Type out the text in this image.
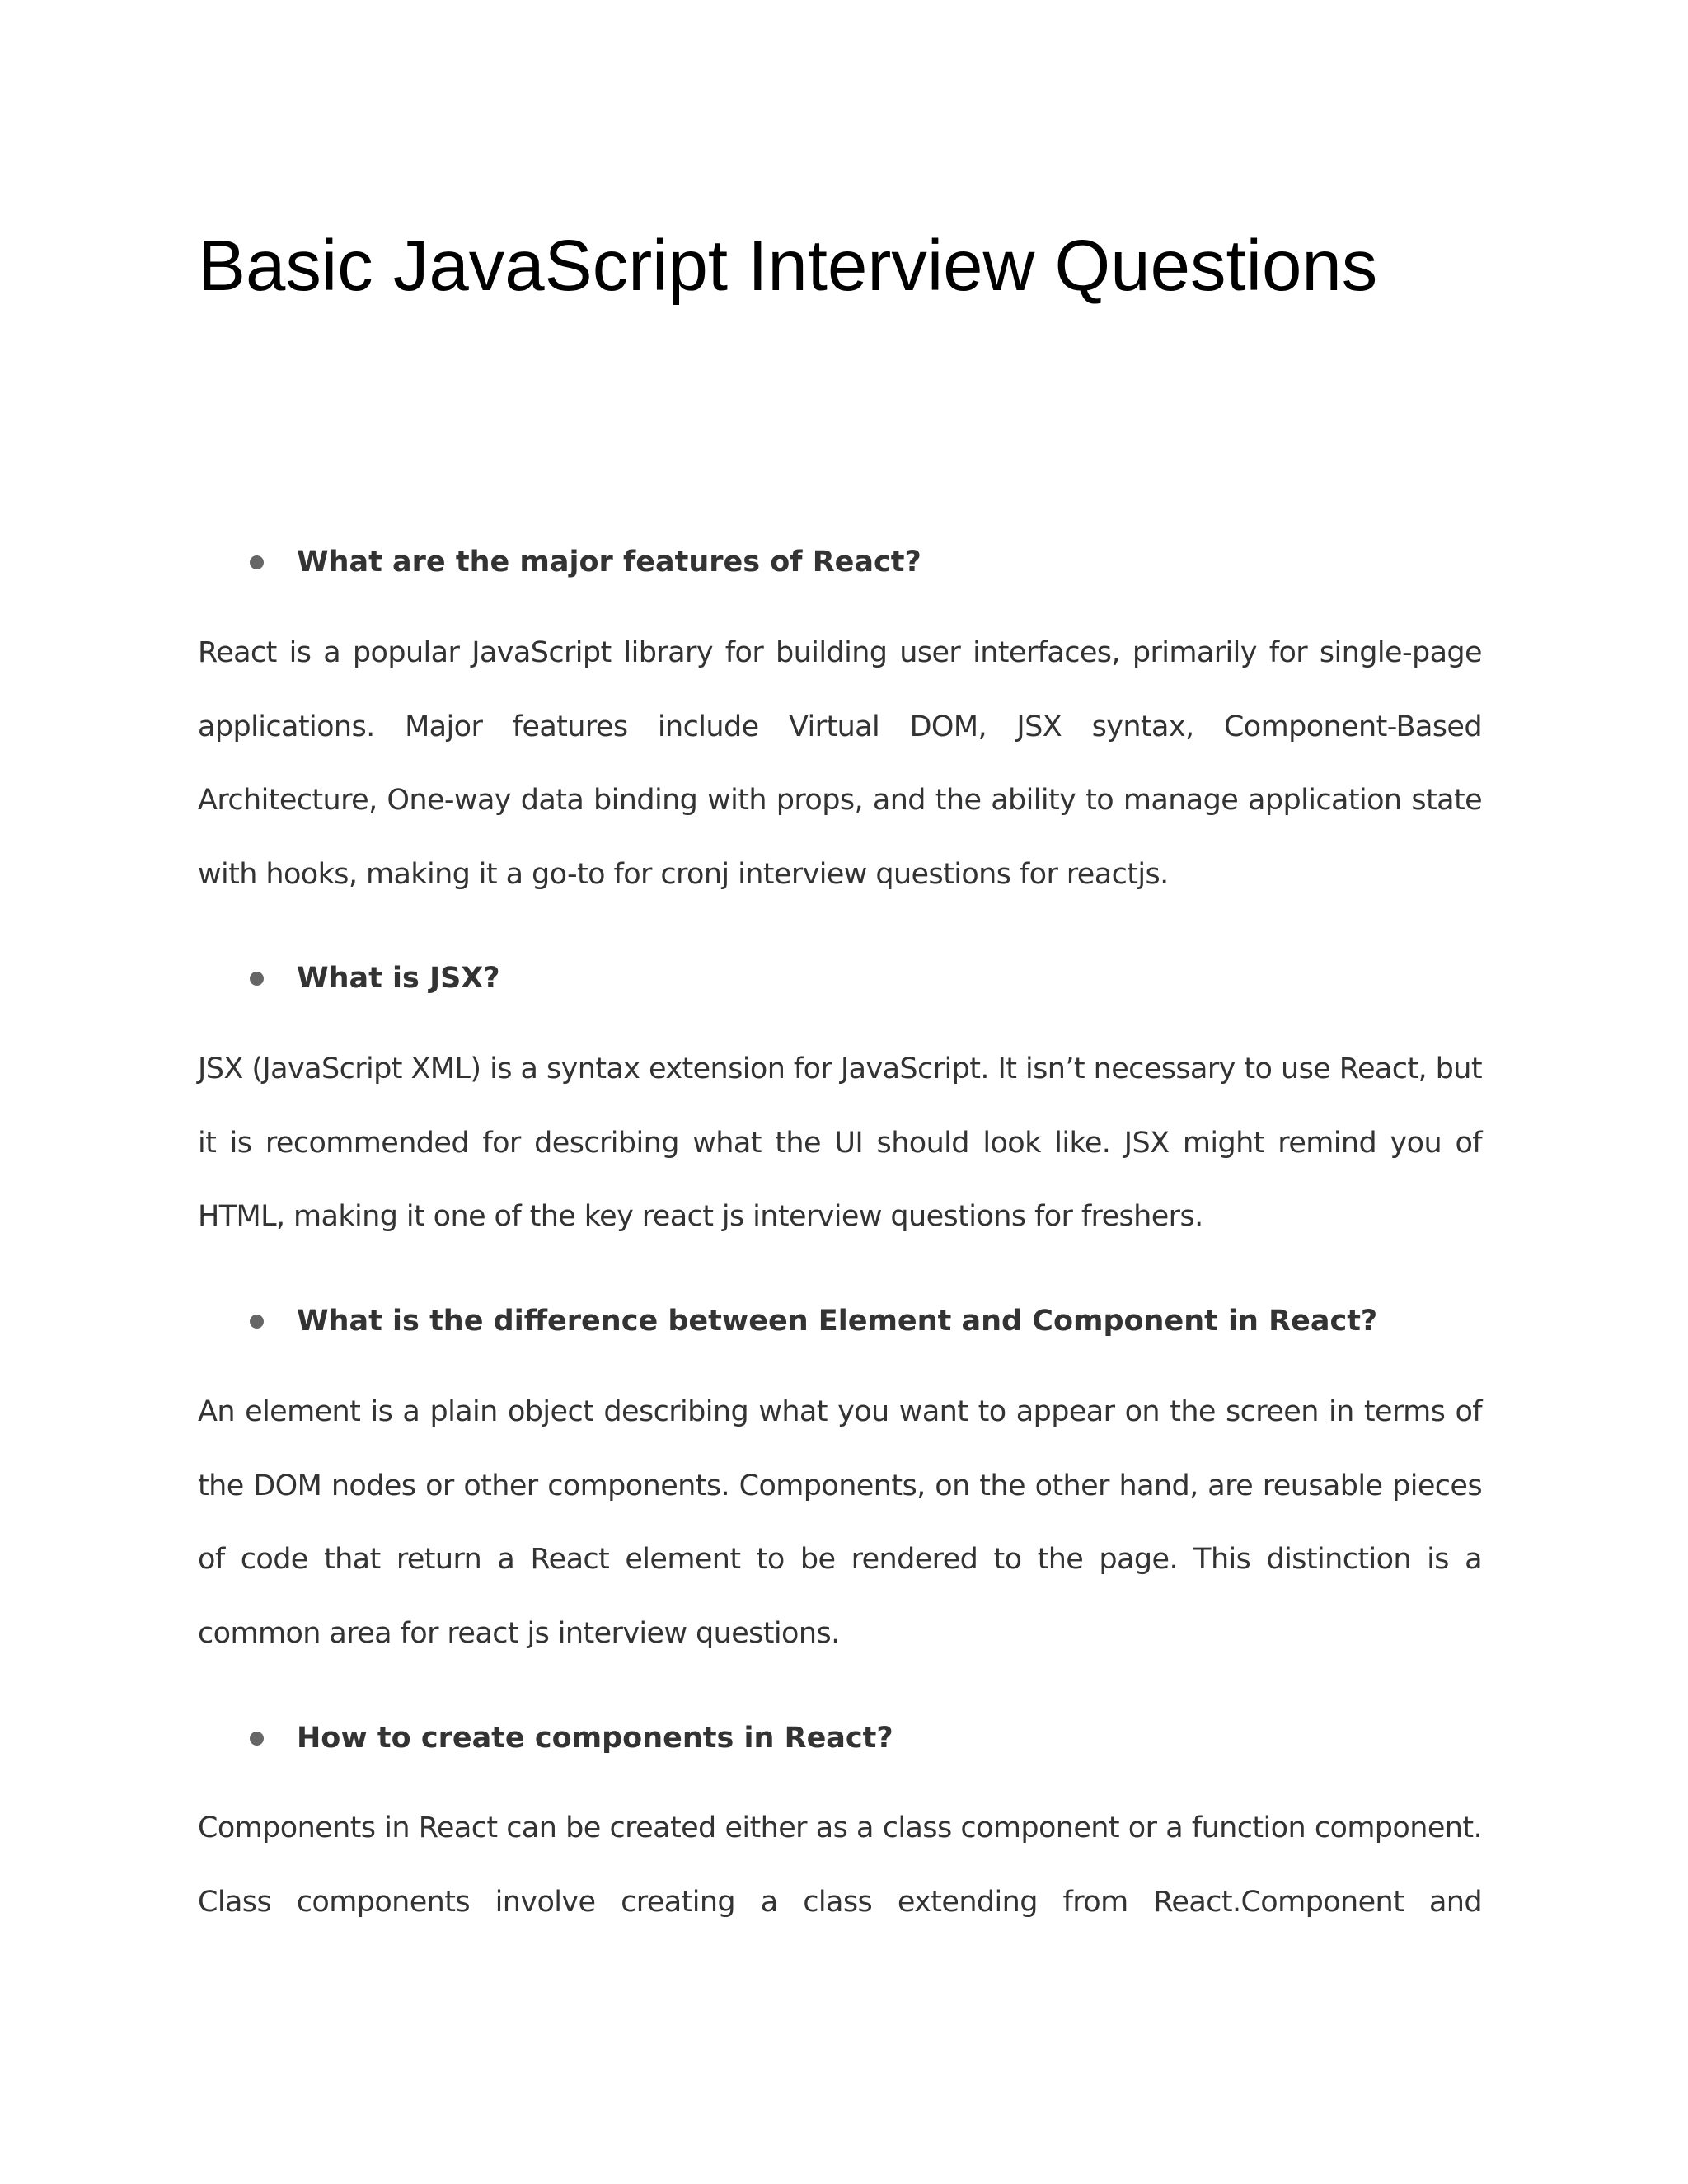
Basic JavaScript Interview Questions
What are the major features of React?

React is a popular JavaScript library for building user interfaces, primarily for single-page applications. Major features include Virtual DOM, JSX syntax, Component-Based Architecture, One-way data binding with props, and the ability to manage application state with hooks, making it a go-to for cronj interview questions for reactjs.

What is JSX?

JSX (JavaScript XML) is a syntax extension for JavaScript. It isn’t necessary to use React, but it is recommended for describing what the UI should look like. JSX might remind you of HTML, making it one of the key react js interview questions for freshers.

What is the difference between Element and Component in React?

An element is a plain object describing what you want to appear on the screen in terms of the DOM nodes or other components. Components, on the other hand, are reusable pieces of code that return a React element to be rendered to the page. This distinction is a common area for react js interview questions.

How to create components in React?

Components in React can be created either as a class component or a function component. Class components involve creating a class extending from React.Component and
